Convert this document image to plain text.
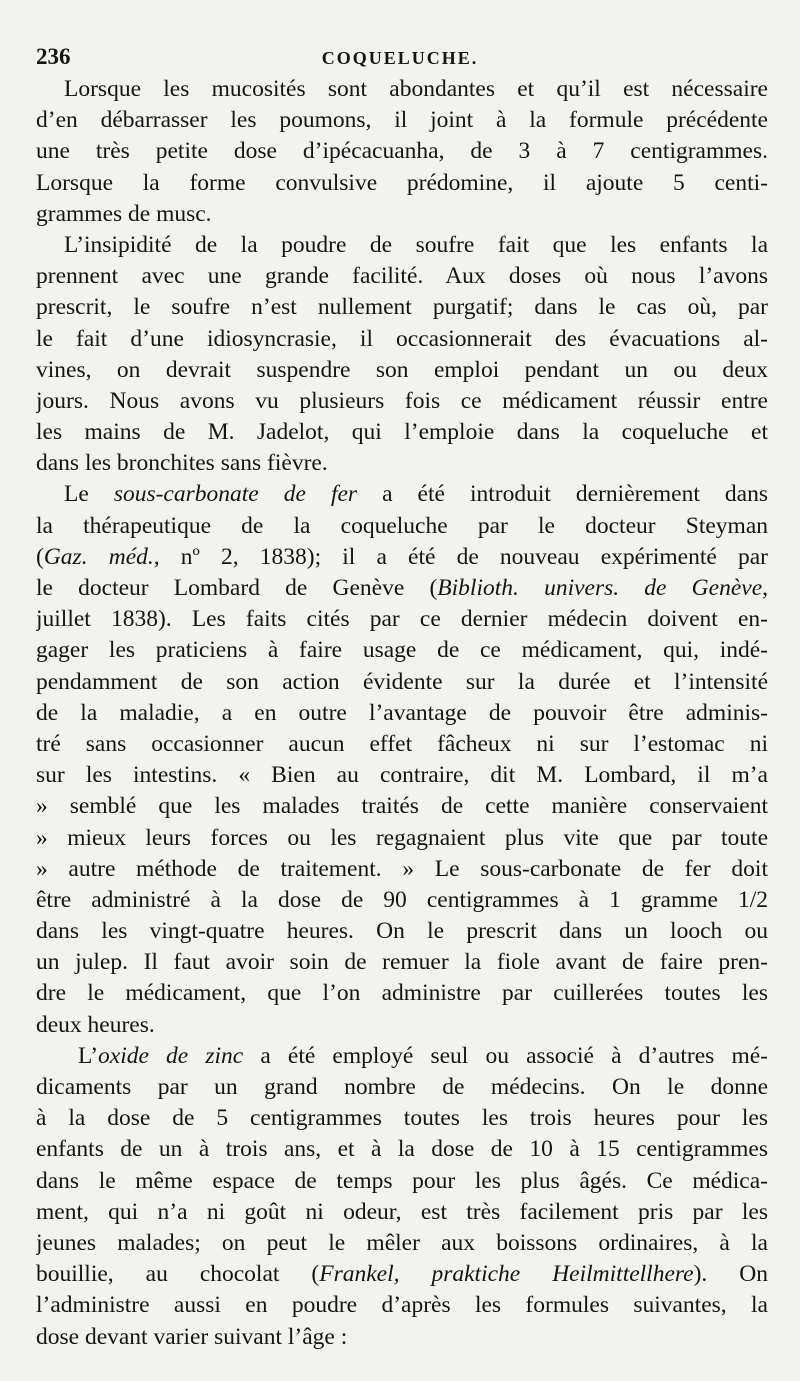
236	COQUELUCHE.
Lorsque les mucosités sont abondantes et qu’il est nécessaire
d’en débarrasser les poumons, il joint à la formule précédente
une très petite dose d’ipécacuanha, de 3 à 7 centigrammes.
Lorsque la forme convulsive prédomine, il ajoute 5 centi-
grammes de musc.
L’insipidité de la poudre de soufre fait que les enfants la
prennent avec une grande facilité. Aux doses où nous l’avons
prescrit, le soufre n’est nullement purgatif; dans le cas où, par
le fait d’une idiosyncrasie, il occasionnerait des évacuations al-
vines, on devrait suspendre son emploi pendant un ou deux
jours. Nous avons vu plusieurs fois ce médicament réussir entre
les mains de M. Jadelot, qui l’emploie dans la coqueluche et
dans les bronchites sans fièvre.
Le sous-carbonate de fer a été introduit dernièrement dans
la thérapeutique de la coqueluche par le docteur Steyman
(Gaz. méd., nº 2, 1838); il a été de nouveau expérimenté par
le docteur Lombard de Genève (Biblioth. univers. de Genève,
juillet 1838). Les faits cités par ce dernier médecin doivent en-
gager les praticiens à faire usage de ce médicament, qui, indé-
pendamment de son action évidente sur la durée et l’intensité
de la maladie, a en outre l’avantage de pouvoir être adminis-
tré sans occasionner aucun effet fâcheux ni sur l’estomac ni
sur les intestins. « Bien au contraire, dit M. Lombard, il m’a
» semblé que les malades traités de cette manière conservaient
» mieux leurs forces ou les regagnaient plus vite que par toute
» autre méthode de traitement. » Le sous-carbonate de fer doit
être administré à la dose de 90 centigrammes à 1 gramme 1/2
dans les vingt-quatre heures. On le prescrit dans un looch ou
un julep. Il faut avoir soin de remuer la fiole avant de faire pren-
dre le médicament, que l’on administre par cuillerées toutes les
deux heures.
L’oxide de zinc a été employé seul ou associé à d’autres mé-
dicaments par un grand nombre de médecins. On le donne
à la dose de 5 centigrammes toutes les trois heures pour les
enfants de un à trois ans, et à la dose de 10 à 15 centigrammes
dans le même espace de temps pour les plus âgés. Ce médica-
ment, qui n’a ni goût ni odeur, est très facilement pris par les
jeunes malades; on peut le mêler aux boissons ordinaires, à la
bouillie, au chocolat (Frankel, praktiche Heilmittellhere). On
l’administre aussi en poudre d’après les formules suivantes, la
dose devant varier suivant l’âge :
